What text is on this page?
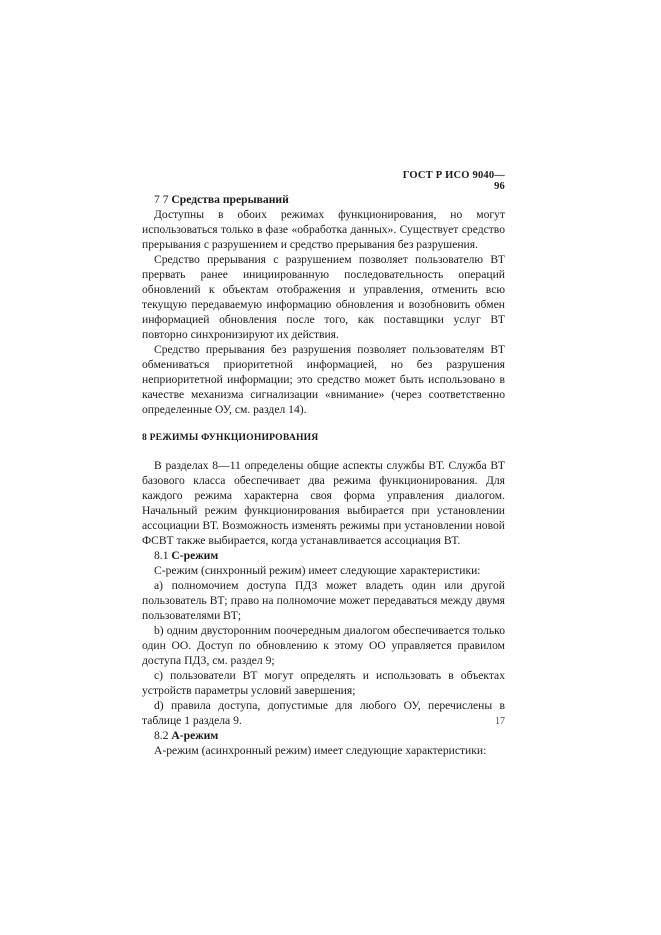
ГОСТ Р ИСО 9040—96
7 7 Средства прерываний

Доступны в обоих режимах функционирования, но могут использоваться только в фазе «обработка данных». Существует средство прерывания с разрушением и средство прерывания без разрушения.

Средство прерывания с разрушением позволяет пользователю ВТ прервать ранее инициированную последовательность операций обновлений к объектам отображения и управления, отменить всю текущую передаваемую информацию обновления и возобновить обмен информацией обновления после того, как поставщики услуг ВТ повторно синхронизируют их действия.

Средство прерывания без разрушения позволяет пользователям ВТ обмениваться приоритетной информацией, но без разрушения неприоритетной информации; это средство может быть использовано в качестве механизма сигнализации «внимание» (через соответственно определенные ОУ, см. раздел 14).

8 РЕЖИМЫ ФУНКЦИОНИРОВАНИЯ

В разделах 8—11 определены общие аспекты службы ВТ. Служба ВТ базового класса обеспечивает два режима функционирования. Для каждого режима характерна своя форма управления диалогом. Начальный режим функционирования выбирается при установлении ассоциации ВТ. Возможность изменять режимы при установлении новой ФСВТ также выбирается, когда устанавливается ассоциация ВТ.

8.1 С-режим

С-режим (синхронный режим) имеет следующие характеристики:

а) полномочием доступа ПДЗ может владеть один или другой пользователь ВТ; право на полномочие может передаваться между двумя пользователями ВТ;

b) одним двусторонним поочередным диалогом обеспечивается только один ОО. Доступ по обновлению к этому ОО управляется правилом доступа ПДЗ, см. раздел 9;

c) пользователи ВТ могут определять и использовать в объектах устройств параметры условий завершения;

d) правила доступа, допустимые для любого ОУ, перечислены в таблице 1 раздела 9.

8.2 А-режим

А-режим (асинхронный режим) имеет следующие характеристики:

17
